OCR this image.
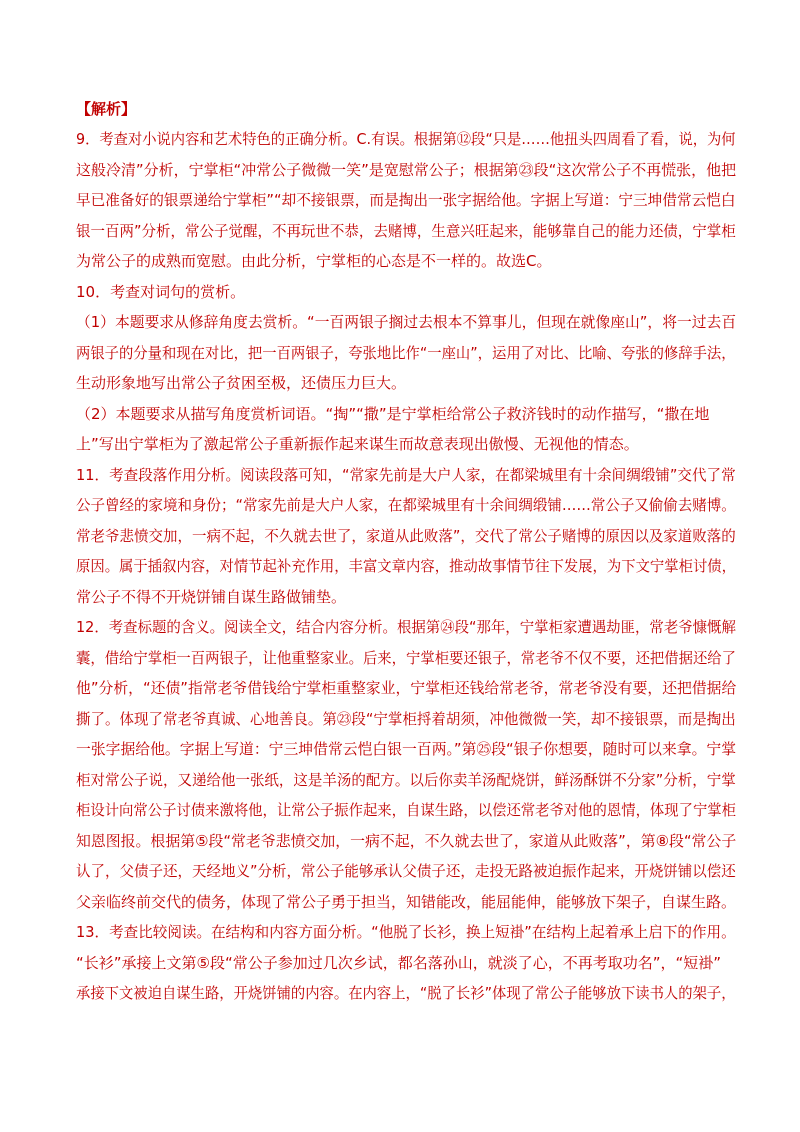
【解析】
9．考查对小说内容和艺术特色的正确分析。C.有误。根据第⑫段“只是……他扭头四周看了看，说，为何
这般冷清”分析，宁掌柜“冲常公子微微一笑”是宽慰常公子；根据第㉓段“这次常公子不再慌张，他把
早已准备好的银票递给宁掌柜”“却不接银票，而是掏出一张字据给他。字据上写道：宁三坤借常云恺白
银一百两”分析，常公子觉醒，不再玩世不恭，去赌博，生意兴旺起来，能够靠自己的能力还债，宁掌柜
为常公子的成熟而宽慰。由此分析，宁掌柜的心态是不一样的。故选C。
10．考查对词句的赏析。
（1）本题要求从修辞角度去赏析。“一百两银子搁过去根本不算事儿，但现在就像座山”，将一过去百
两银子的分量和现在对比，把一百两银子，夸张地比作“一座山”，运用了对比、比喻、夸张的修辞手法，
生动形象地写出常公子贫困至极，还债压力巨大。
（2）本题要求从描写角度赏析词语。“掏”“撒”是宁掌柜给常公子救济钱时的动作描写，“撒在地
上”写出宁掌柜为了激起常公子重新振作起来谋生而故意表现出傲慢、无视他的情态。
11．考查段落作用分析。阅读段落可知，“常家先前是大户人家，在都梁城里有十余间绸缎铺”交代了常
公子曾经的家境和身份；“常家先前是大户人家，在都梁城里有十余间绸缎铺……常公子又偷偷去赌博。
常老爷悲愤交加，一病不起，不久就去世了，家道从此败落”，交代了常公子赌博的原因以及家道败落的
原因。属于插叙内容，对情节起补充作用，丰富文章内容，推动故事情节往下发展，为下文宁掌柜讨债，
常公子不得不开烧饼铺自谋生路做铺垫。
12．考查标题的含义。阅读全文，结合内容分析。根据第㉔段“那年，宁掌柜家遭遇劫匪，常老爷慷慨解
囊，借给宁掌柜一百两银子，让他重整家业。后来，宁掌柜要还银子，常老爷不仅不要，还把借据还给了
他”分析，“还债”指常老爷借钱给宁掌柜重整家业，宁掌柜还钱给常老爷，常老爷没有要，还把借据给
撕了。体现了常老爷真诚、心地善良。第㉓段“宁掌柜捋着胡须，冲他微微一笑，却不接银票，而是掏出
一张字据给他。字据上写道：宁三坤借常云恺白银一百两。”第㉕段“银子你想要，随时可以来拿。宁掌
柜对常公子说，又递给他一张纸，这是羊汤的配方。以后你卖羊汤配烧饼，鲜汤酥饼不分家”分析，宁掌
柜设计向常公子讨债来激将他，让常公子振作起来，自谋生路，以偿还常老爷对他的恩情，体现了宁掌柜
知恩图报。根据第⑤段“常老爷悲愤交加，一病不起，不久就去世了，家道从此败落”，第⑧段“常公子
认了，父债子还，天经地义”分析，常公子能够承认父债子还，走投无路被迫振作起来，开烧饼铺以偿还
父亲临终前交代的债务，体现了常公子勇于担当，知错能改，能屈能伸，能够放下架子，自谋生路。
13．考查比较阅读。在结构和内容方面分析。“他脱了长衫，换上短褂”在结构上起着承上启下的作用。
“长衫”承接上文第⑤段“常公子参加过几次乡试，都名落孙山，就淡了心，不再考取功名”，“短褂”
承接下文被迫自谋生路，开烧饼铺的内容。在内容上，“脱了长衫”体现了常公子能够放下读书人的架子，
